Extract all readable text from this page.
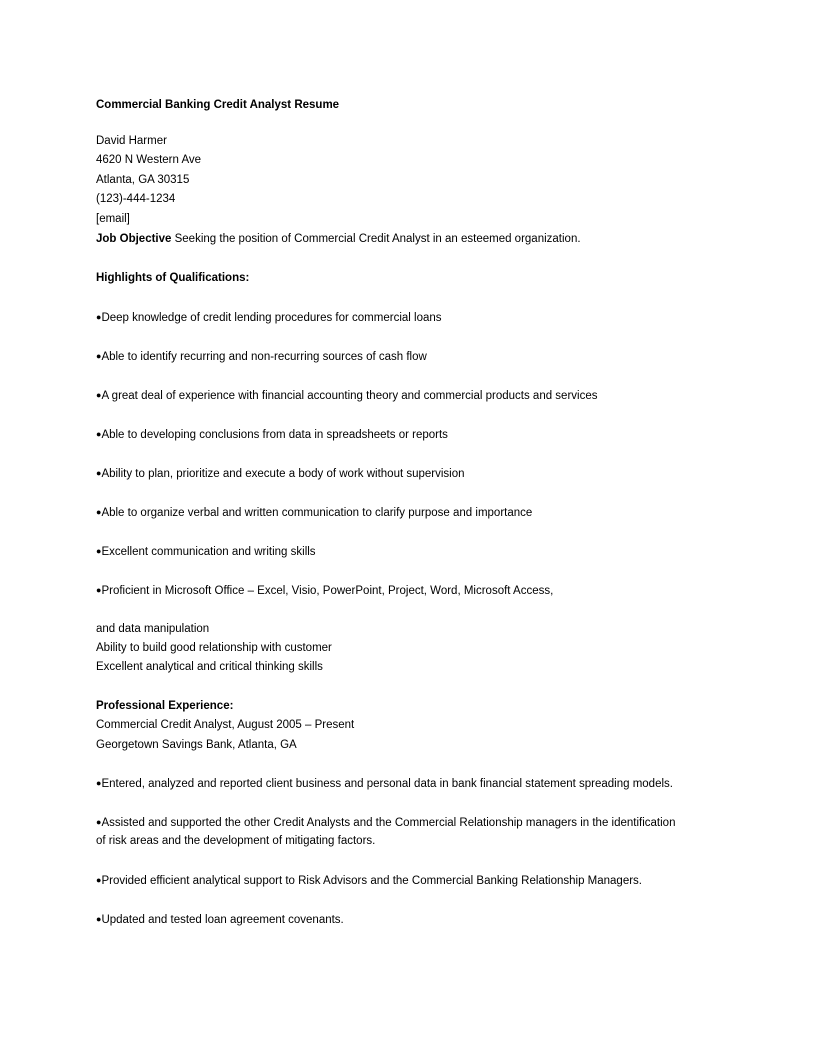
Commercial Banking Credit Analyst Resume
David Harmer
4620 N Western Ave
Atlanta, GA 30315
(123)-444-1234
[email]
Job Objective Seeking the position of Commercial Credit Analyst in an esteemed organization.
Highlights of Qualifications:
●Deep knowledge of credit lending procedures for commercial loans
●Able to identify recurring and non-recurring sources of cash flow
●A great deal of experience with financial accounting theory and commercial products and services
●Able to developing conclusions from data in spreadsheets or reports
●Ability to plan, prioritize and execute a body of work without supervision
●Able to organize verbal and written communication to clarify purpose and importance
●Excellent communication and writing skills
●Proficient in Microsoft Office – Excel, Visio, PowerPoint, Project, Word, Microsoft Access,
and data manipulation
Ability to build good relationship with customer
Excellent analytical and critical thinking skills
Professional Experience:
Commercial Credit Analyst, August 2005 – Present
Georgetown Savings Bank, Atlanta, GA
●Entered, analyzed and reported client business and personal data in bank financial statement spreading models.
●Assisted and supported the other Credit Analysts and the Commercial Relationship managers in the identification
of risk areas and the development of mitigating factors.
●Provided efficient analytical support to Risk Advisors and the Commercial Banking Relationship Managers.
●Updated and tested loan agreement covenants.
